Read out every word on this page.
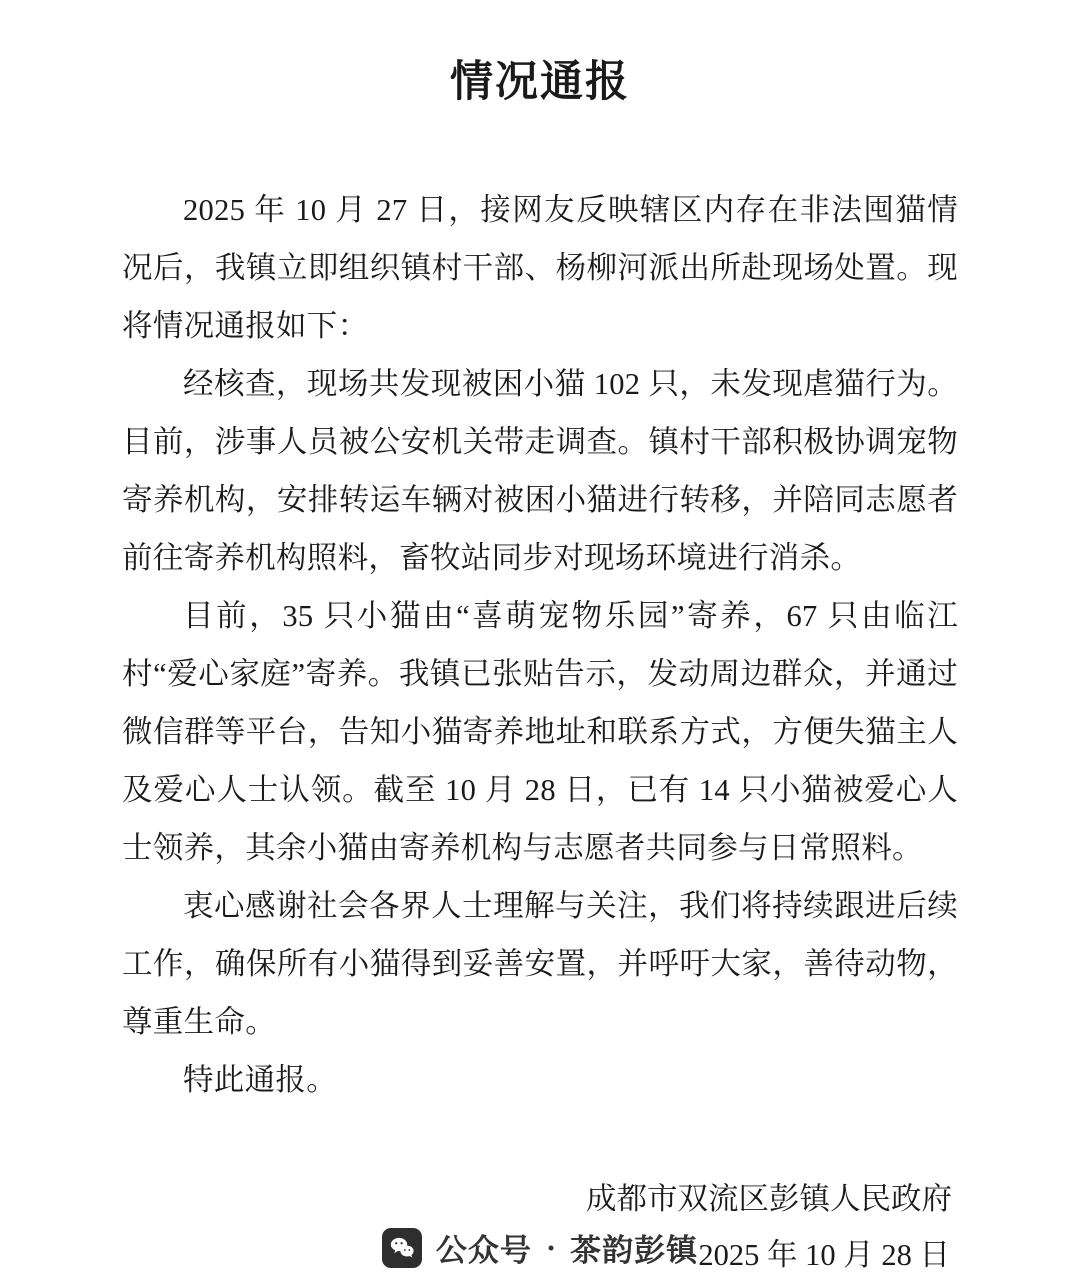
情况通报

2025 年 10 月 27 日，接网友反映辖区内存在非法囤猫情况后，我镇立即组织镇村干部、杨柳河派出所赴现场处置。现将情况通报如下：

经核查，现场共发现被困小猫 102 只，未发现虐猫行为。目前，涉事人员被公安机关带走调查。镇村干部积极协调宠物寄养机构，安排转运车辆对被困小猫进行转移，并陪同志愿者前往寄养机构照料，畜牧站同步对现场环境进行消杀。

目前，35 只小猫由“喜萌宠物乐园”寄养，67 只由临江村“爱心家庭”寄养。我镇已张贴告示，发动周边群众，并通过微信群等平台，告知小猫寄养地址和联系方式，方便失猫主人及爱心人士认领。截至 10 月 28 日，已有 14 只小猫被爱心人士领养，其余小猫由寄养机构与志愿者共同参与日常照料。

衷心感谢社会各界人士理解与关注，我们将持续跟进后续工作，确保所有小猫得到妥善安置，并呼吁大家，善待动物，尊重生命。

特此通报。

成都市双流区彭镇人民政府
2025 年 10 月 28 日
公众号 · 茶韵彭镇
